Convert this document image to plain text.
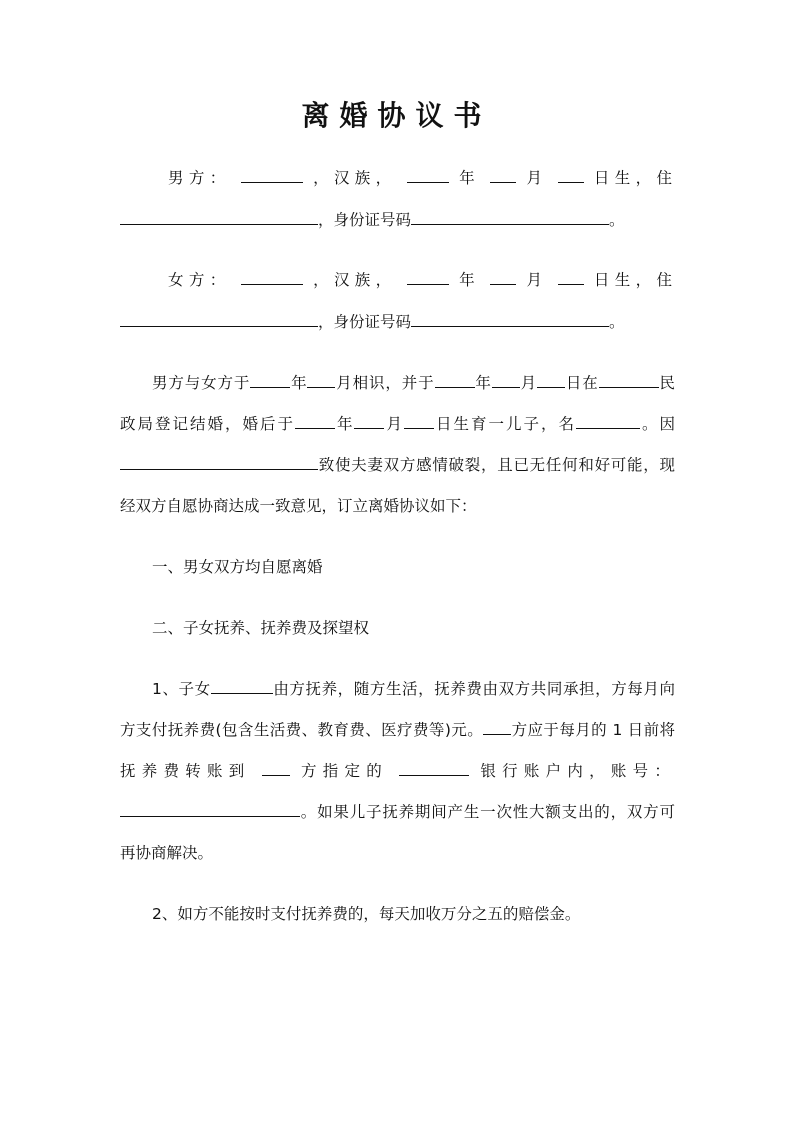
离婚协议书
男方：	，汉族，	年	月	日生，住
，身份证号码	。
女方：	，汉族，	年	月	日生，住
，身份证号码	。
男方与女方于	年 月相识，并于	年 月 日在	民
政局登记结婚，婚后于	年 月 日生育一儿子，名	。因
致使夫妻双方感情破裂，且已无任何和好可能，现
经双方自愿协商达成一致意见，订立离婚协议如下：
一、男女双方均自愿离婚
二、子女抚养、抚养费及探望权
1、子女	由方抚养，随方生活，抚养费由双方共同承担，方每月向
方支付抚养费(包含生活费、教育费、医疗费等)元。 方应于每月的 1 日前将
抚养费转账到	方指定的	银行账户内，账号：
。如果儿子抚养期间产生一次性大额支出的，双方可
再协商解决。
2、如方不能按时支付抚养费的，每天加收万分之五的赔偿金。
